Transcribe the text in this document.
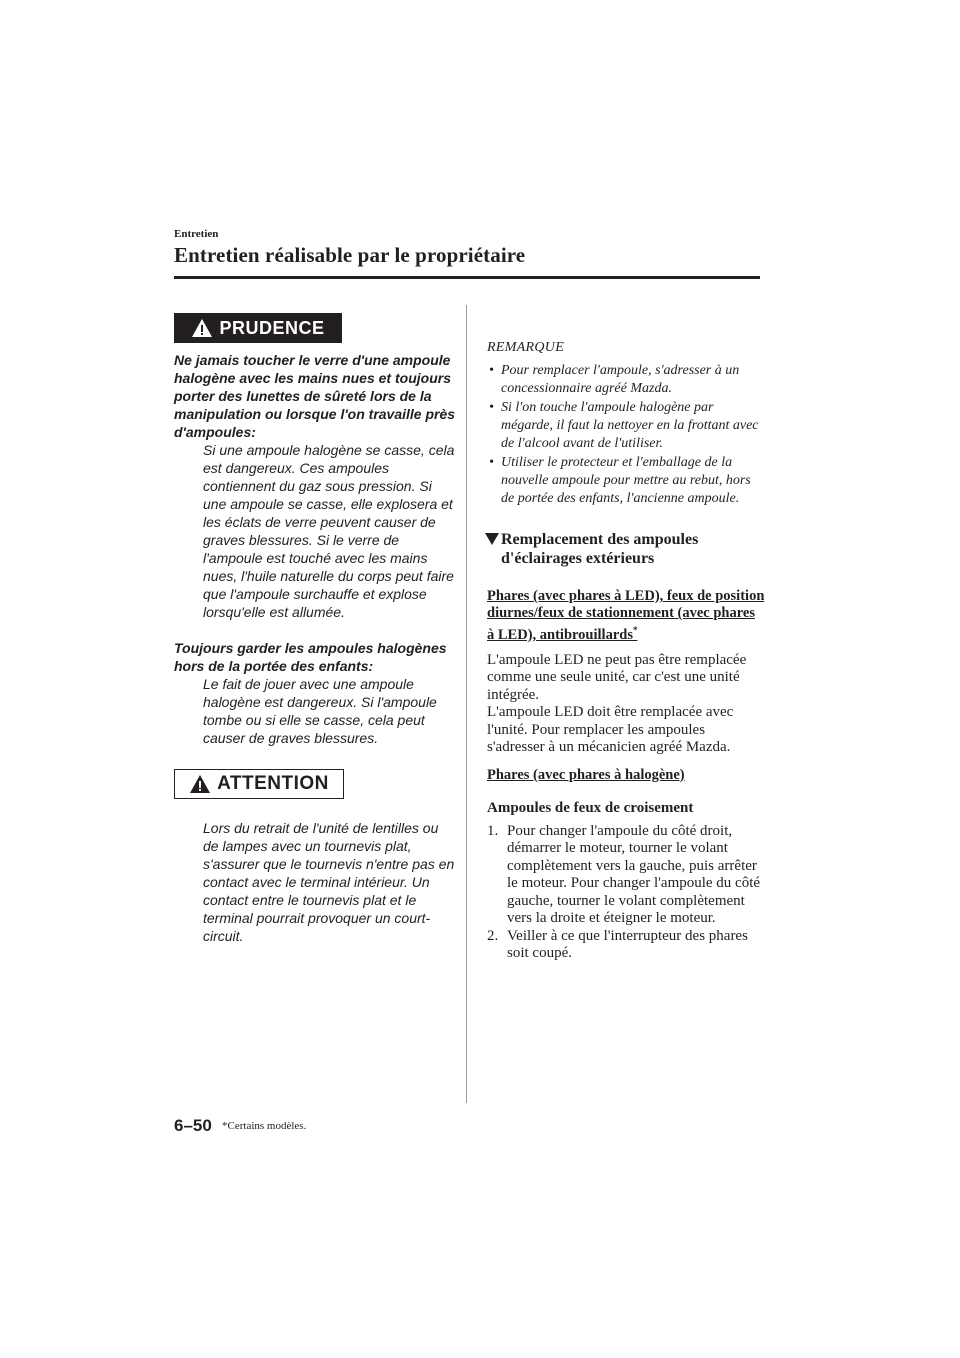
Entretien
Entretien réalisable par le propriétaire
PRUDENCE

Ne jamais toucher le verre d'une ampoule halogène avec les mains nues et toujours porter des lunettes de sûreté lors de la manipulation ou lorsque l'on travaille près d'ampoules:

Si une ampoule halogène se casse, cela est dangereux. Ces ampoules contiennent du gaz sous pression. Si une ampoule se casse, elle explosera et les éclats de verre peuvent causer de graves blessures. Si le verre de l'ampoule est touché avec les mains nues, l'huile naturelle du corps peut faire que l'ampoule surchauffe et explose lorsqu'elle est allumée.

Toujours garder les ampoules halogènes hors de la portée des enfants:

Le fait de jouer avec une ampoule halogène est dangereux. Si l'ampoule tombe ou si elle se casse, cela peut causer de graves blessures.

ATTENTION

Lors du retrait de l'unité de lentilles ou de lampes avec un tournevis plat, s'assurer que le tournevis n'entre pas en contact avec le terminal intérieur. Un contact entre le tournevis plat et le terminal pourrait provoquer un court-circuit.

REMARQUE

• Pour remplacer l'ampoule, s'adresser à un concessionnaire agréé Mazda.
• Si l'on touche l'ampoule halogène par mégarde, il faut la nettoyer en la frottant avec de l'alcool avant de l'utiliser.
• Utiliser le protecteur et l'emballage de la nouvelle ampoule pour mettre au rebut, hors de portée des enfants, l'ancienne ampoule.

Remplacement des ampoules d'éclairages extérieurs

Phares (avec phares à LED), feux de position diurnes/feux de stationnement (avec phares à LED), antibrouillards*

L'ampoule LED ne peut pas être remplacée comme une seule unité, car c'est une unité intégrée.

L'ampoule LED doit être remplacée avec l'unité. Pour remplacer les ampoules s'adresser à un mécanicien agréé Mazda.

Phares (avec phares à halogène)

Ampoules de feux de croisement

1. Pour changer l'ampoule du côté droit, démarrer le moteur, tourner le volant complètement vers la gauche, puis arrêter le moteur. Pour changer l'ampoule du côté gauche, tourner le volant complètement vers la droite et éteigner le moteur.
2. Veiller à ce que l'interrupteur des phares soit coupé.
6–50 *Certains modèles.
